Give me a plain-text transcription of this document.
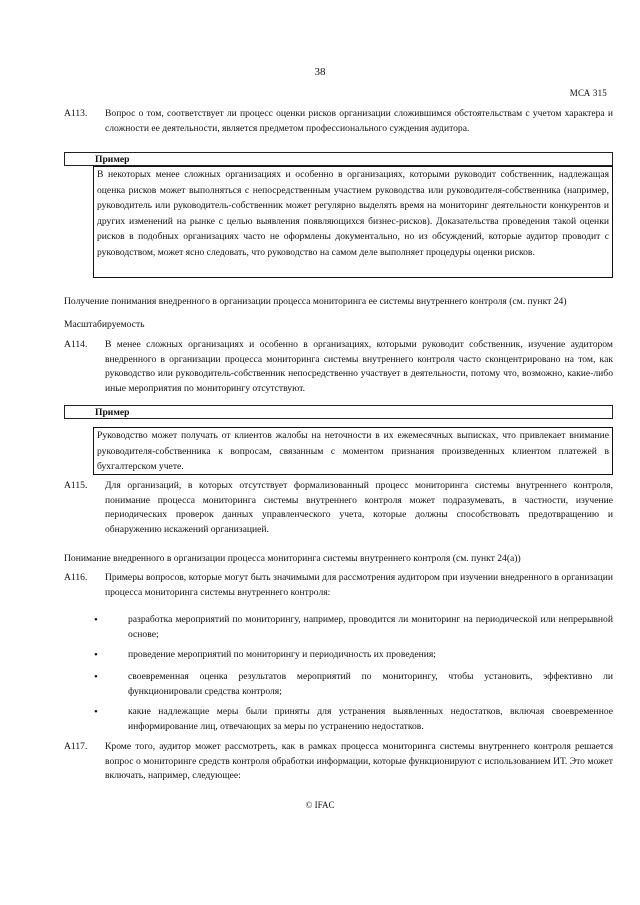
38
МСА 315
A113. Вопрос о том, соответствует ли процесс оценки рисков организации сложившимся обстоятельствам с учетом характера и сложности ее деятельности, является предметом профессионального суждения аудитора.
Пример
В некоторых менее сложных организациях и особенно в организациях, которыми руководит собственник, надлежащая оценка рисков может выполняться с непосредственным участием руководства или руководителя-собственника (например, руководитель или руководитель-собственник может регулярно выделять время на мониторинг деятельности конкурентов и других изменений на рынке с целью выявления появляющихся бизнес-рисков). Доказательства проведения такой оценки рисков в подобных организациях часто не оформлены документально, но из обсуждений, которые аудитор проводит с руководством, может ясно следовать, что руководство на самом деле выполняет процедуры оценки рисков.
Получение понимания внедренного в организации процесса мониторинга ее системы внутреннего контроля (см. пункт 24)
Масштабируемость
A114. В менее сложных организациях и особенно в организациях, которыми руководит собственник, изучение аудитором внедренного в организации процесса мониторинга системы внутреннего контроля часто сконцентрировано на том, как руководство или руководитель-собственник непосредственно участвует в деятельности, потому что, возможно, какие-либо иные мероприятия по мониторингу отсутствуют.
Пример
Руководство может получать от клиентов жалобы на неточности в их ежемесячных выписках, что привлекает внимание руководителя-собственника к вопросам, связанным с моментом признания произведенных клиентом платежей в бухгалтерском учете.
A115. Для организаций, в которых отсутствует формализованный процесс мониторинга системы внутреннего контроля, понимание процесса мониторинга системы внутреннего контроля может подразумевать, в частности, изучение периодических проверок данных управленческого учета, которые должны способствовать предотвращению и обнаружению искажений организацией.
Понимание внедренного в организации процесса мониторинга системы внутреннего контроля (см. пункт 24(a))
A116. Примеры вопросов, которые могут быть значимыми для рассмотрения аудитором при изучении внедренного в организации процесса мониторинга системы внутреннего контроля:
•	разработка мероприятий по мониторингу, например, проводится ли мониторинг на периодической или непрерывной основе;
•	проведение мероприятий по мониторингу и периодичность их проведения;
•	своевременная оценка результатов мероприятий по мониторингу, чтобы установить, эффективно ли функционировали средства контроля;
•	какие надлежащие меры были приняты для устранения выявленных недостатков, включая своевременное информирование лиц, отвечающих за меры по устранению недостатков.
A117. Кроме того, аудитор может рассмотреть, как в рамках процесса мониторинга системы внутреннего контроля решается вопрос о мониторинге средств контроля обработки информации, которые функционируют с использованием ИТ. Это может включать, например, следующее:
© IFAC
